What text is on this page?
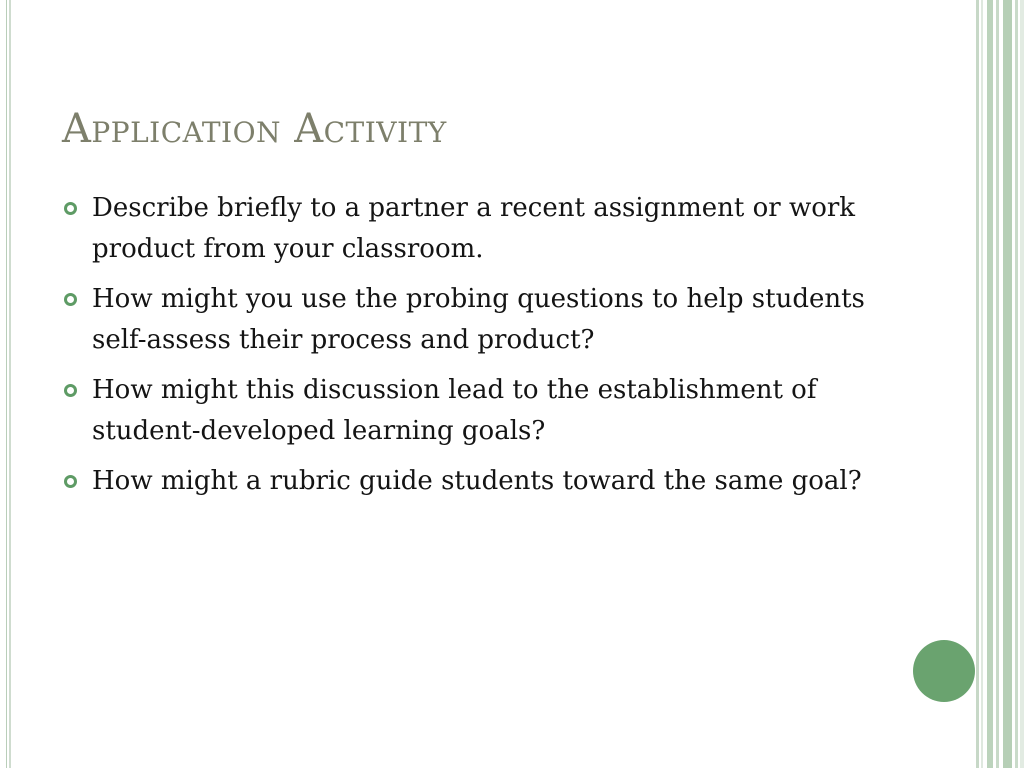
Application Activity
Describe briefly to a partner a recent assignment or work product from your classroom.
How might you use the probing questions to help students self-assess their process and product?
How might this discussion lead to the establishment of student-developed learning goals?
How might a rubric guide students toward the same goal?
